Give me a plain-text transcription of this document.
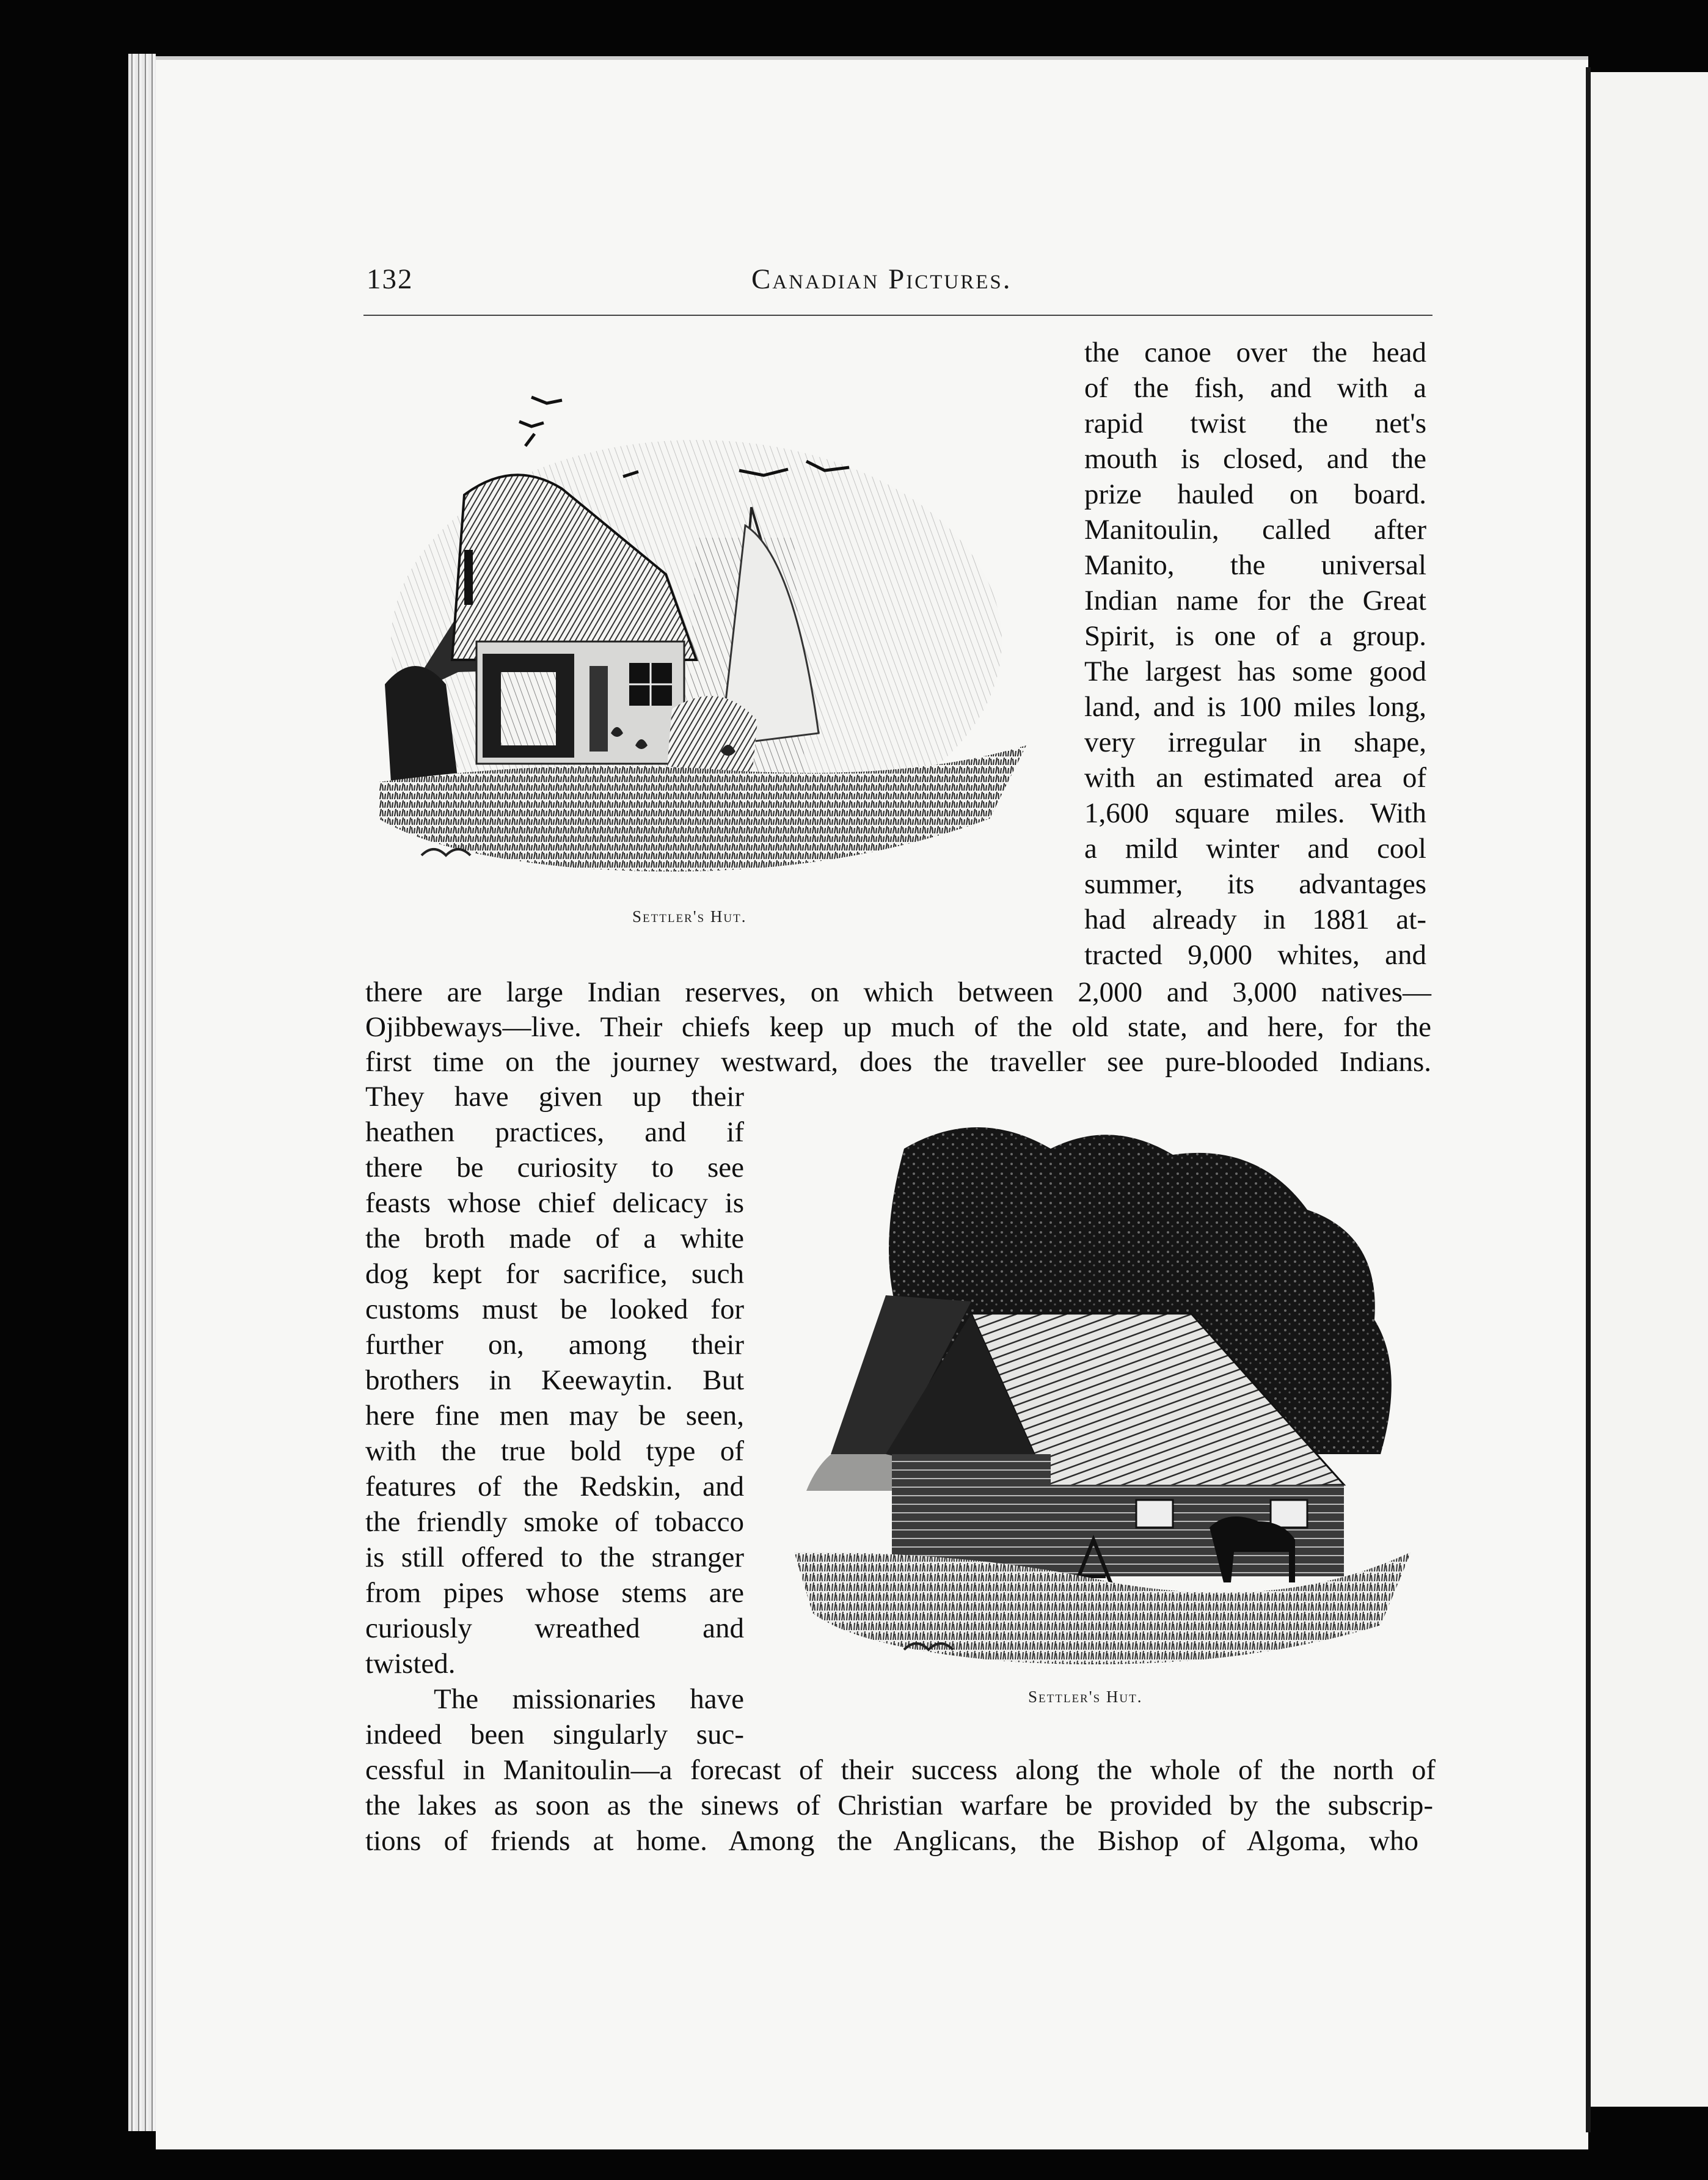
132	Canadian Pictures.
Settler's Hut.
the canoe over the head
of the fish, and with a
rapid twist the net's
mouth is closed, and the
prize hauled on board.
Manitoulin, called after
Manito, the universal
Indian name for the Great
Spirit, is one of a group.
The largest has some good
land, and is 100 miles long,
very irregular in shape,
with an estimated area of
1,600 square miles. With
a mild winter and cool
summer, its advantages
had already in 1881 at-
tracted 9,000 whites, and
there are large Indian reserves, on which between 2,000 and 3,000 natives—
Ojibbeways—live. Their chiefs keep up much of the old state, and here, for the
first time on the journey westward, does the traveller see pure-blooded Indians.
They have given up their
heathen practices, and if
there be curiosity to see
feasts whose chief delicacy is
the broth made of a white
dog kept for sacrifice, such
customs must be looked for
further on, among their
brothers in Keewaytin. But
here fine men may be seen,
with the true bold type of
features of the Redskin, and
the friendly smoke of tobacco
is still offered to the stranger
from pipes whose stems are
curiously wreathed and
twisted.
The missionaries have
indeed been singularly suc-
Settler's Hut.
cessful in Manitoulin—a forecast of their success along the whole of the north of
the lakes as soon as the sinews of Christian warfare be provided by the subscrip-
tions of friends at home. Among the Anglicans, the Bishop of Algoma, who
